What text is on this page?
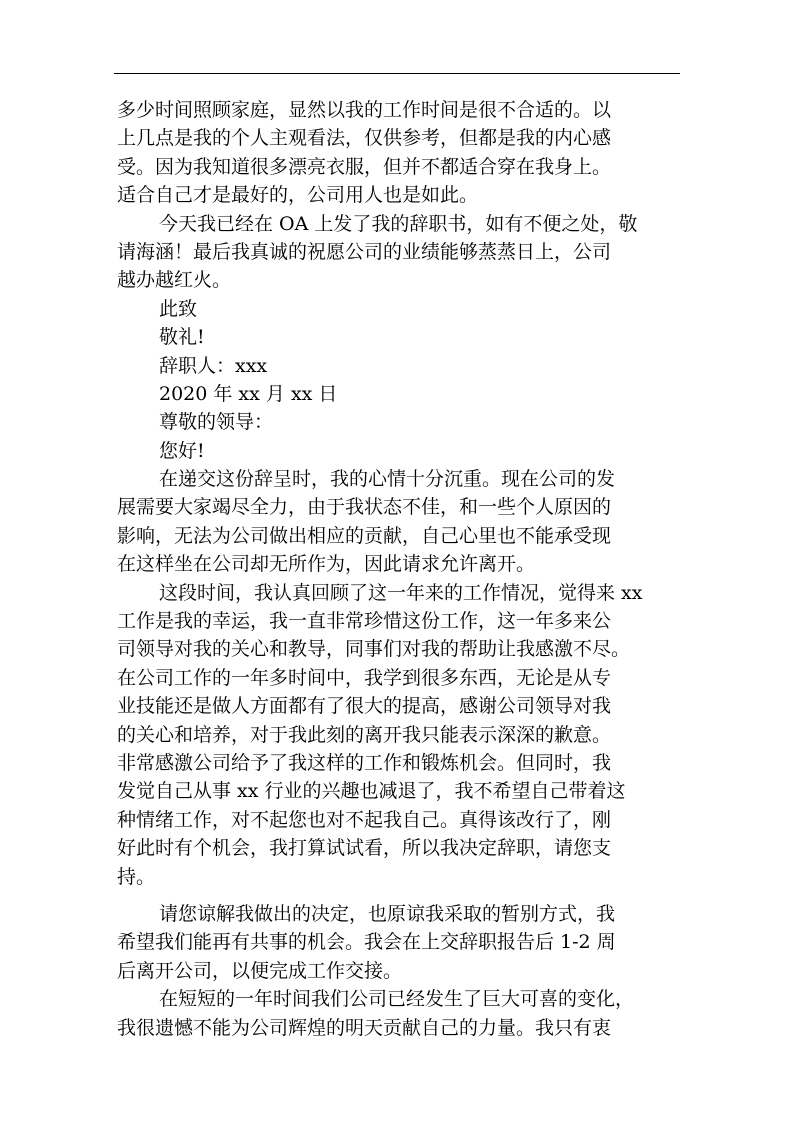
多少时间照顾家庭，显然以我的工作时间是很不合适的。以
上几点是我的个人主观看法，仅供参考，但都是我的内心感
受。因为我知道很多漂亮衣服，但并不都适合穿在我身上。
适合自己才是最好的，公司用人也是如此。
今天我已经在 OA 上发了我的辞职书，如有不便之处，敬
请海涵！最后我真诚的祝愿公司的业绩能够蒸蒸日上，公司
越办越红火。
此致
敬礼!
辞职人：xxx
2020 年 xx 月 xx 日
尊敬的领导：
您好!
在递交这份辞呈时，我的心情十分沉重。现在公司的发
展需要大家竭尽全力，由于我状态不佳，和一些个人原因的
影响，无法为公司做出相应的贡献，自己心里也不能承受现
在这样坐在公司却无所作为，因此请求允许离开。
这段时间，我认真回顾了这一年来的工作情况，觉得来 xx
工作是我的幸运，我一直非常珍惜这份工作，这一年多来公
司领导对我的关心和教导，同事们对我的帮助让我感激不尽。
在公司工作的一年多时间中，我学到很多东西，无论是从专
业技能还是做人方面都有了很大的提高，感谢公司领导对我
的关心和培养，对于我此刻的离开我只能表示深深的歉意。
非常感激公司给予了我这样的工作和锻炼机会。但同时，我
发觉自己从事 xx 行业的兴趣也减退了，我不希望自己带着这
种情绪工作，对不起您也对不起我自己。真得该改行了，刚
好此时有个机会，我打算试试看，所以我决定辞职，请您支
持。
请您谅解我做出的决定，也原谅我采取的暂别方式，我
希望我们能再有共事的机会。我会在上交辞职报告后 1-2 周
后离开公司，以便完成工作交接。
在短短的一年时间我们公司已经发生了巨大可喜的变化，
我很遗憾不能为公司辉煌的明天贡献自己的力量。我只有衷
